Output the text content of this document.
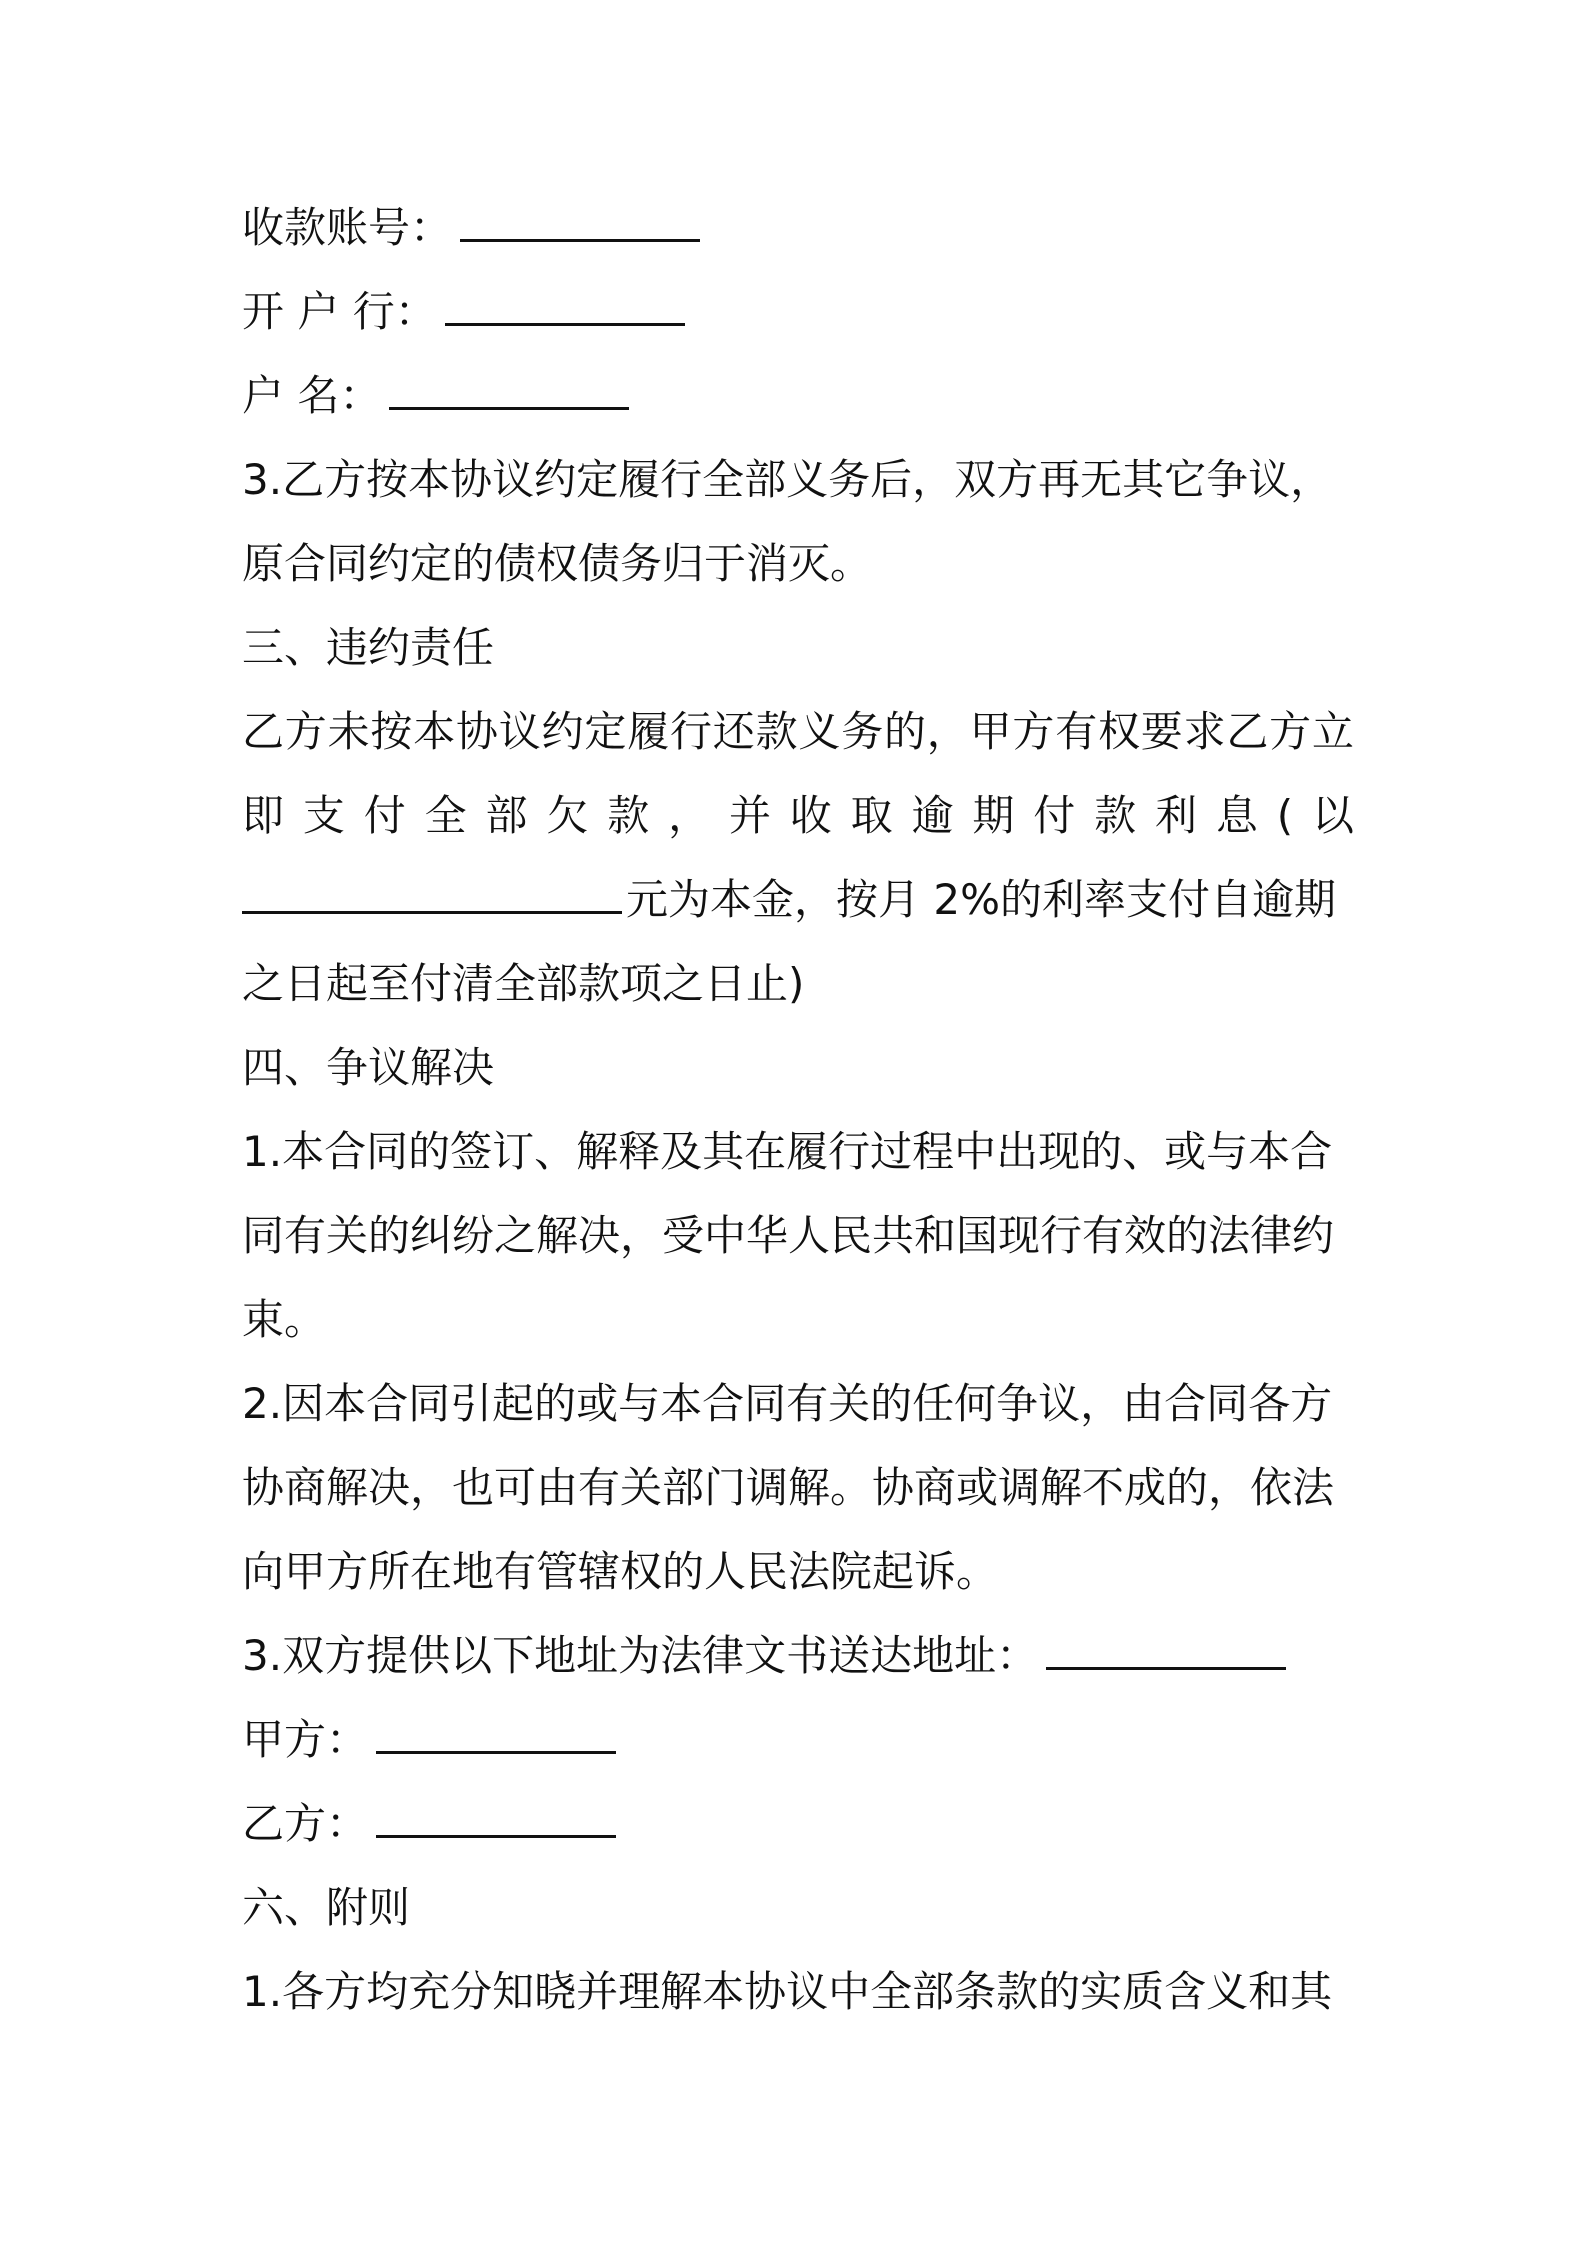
收款账号：
开 户 行：
户 名：
3.乙方按本协议约定履行全部义务后，双方再无其它争议，
原合同约定的债权债务归于消灭。
三、违约责任
乙方未按本协议约定履行还款义务的，甲方有权要求乙方立
即支付全部欠款，并收取逾期付款利息(以
元为本金，按月 2%的利率支付自逾期
之日起至付清全部款项之日止)
四、争议解决
1.本合同的签订、解释及其在履行过程中出现的、或与本合
同有关的纠纷之解决，受中华人民共和国现行有效的法律约
束。
2.因本合同引起的或与本合同有关的任何争议，由合同各方
协商解决，也可由有关部门调解。协商或调解不成的，依法
向甲方所在地有管辖权的人民法院起诉。
3.双方提供以下地址为法律文书送达地址：
甲方：
乙方：
六、附则
1.各方均充分知晓并理解本协议中全部条款的实质含义和其
